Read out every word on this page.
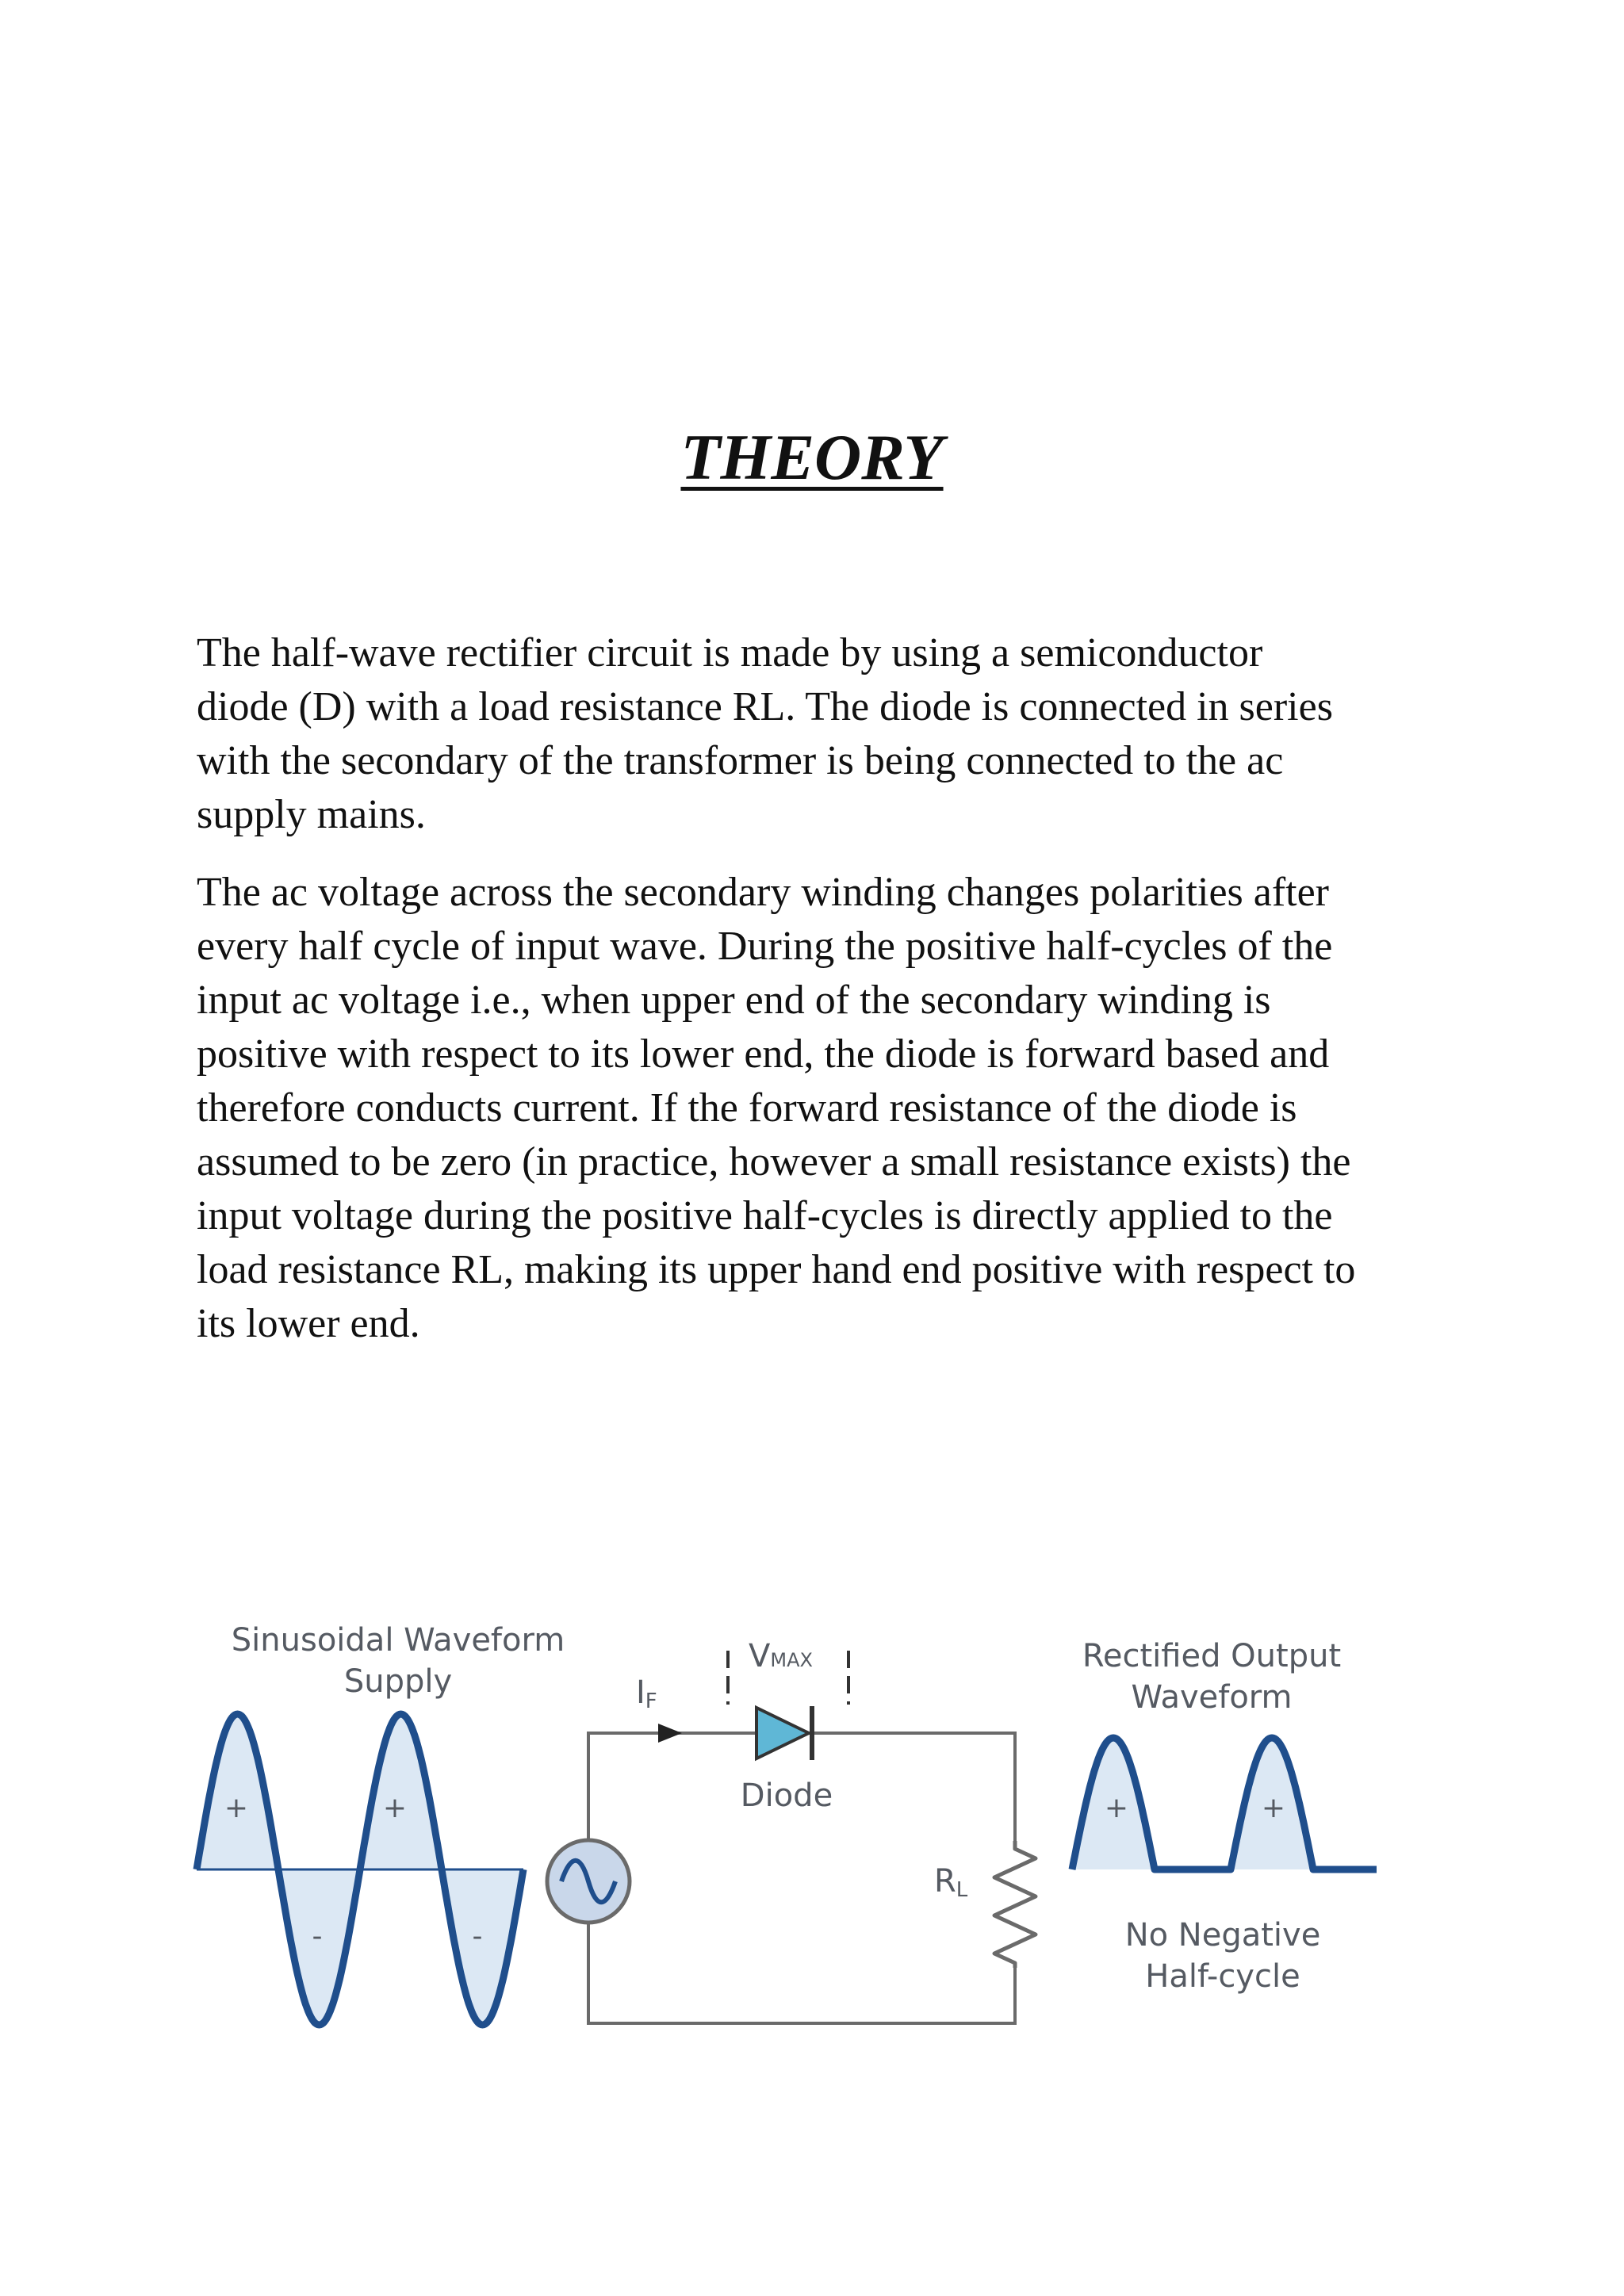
THEORY

The half-wave rectifier circuit is made by using a semiconductor
diode (D) with a load resistance RL. The diode is connected in series
with the secondary of the transformer is being connected to the ac
supply mains.

The ac voltage across the secondary winding changes polarities after
every half cycle of input wave. During the positive half-cycles of the
input ac voltage i.e., when upper end of the secondary winding is
positive with respect to its lower end, the diode is forward based and
therefore conducts current. If the forward resistance of the diode is
assumed to be zero (in practice, however a small resistance exists) the
input voltage during the positive half-cycles is directly applied to the
load resistance RL, making its upper hand end positive with respect to
its lower end.

Sinusoidal Waveform
Supply
+	+
-	-
IF
VMAX
Diode
RL
Rectified Output
Waveform
+	+
No Negative
Half-cycle
